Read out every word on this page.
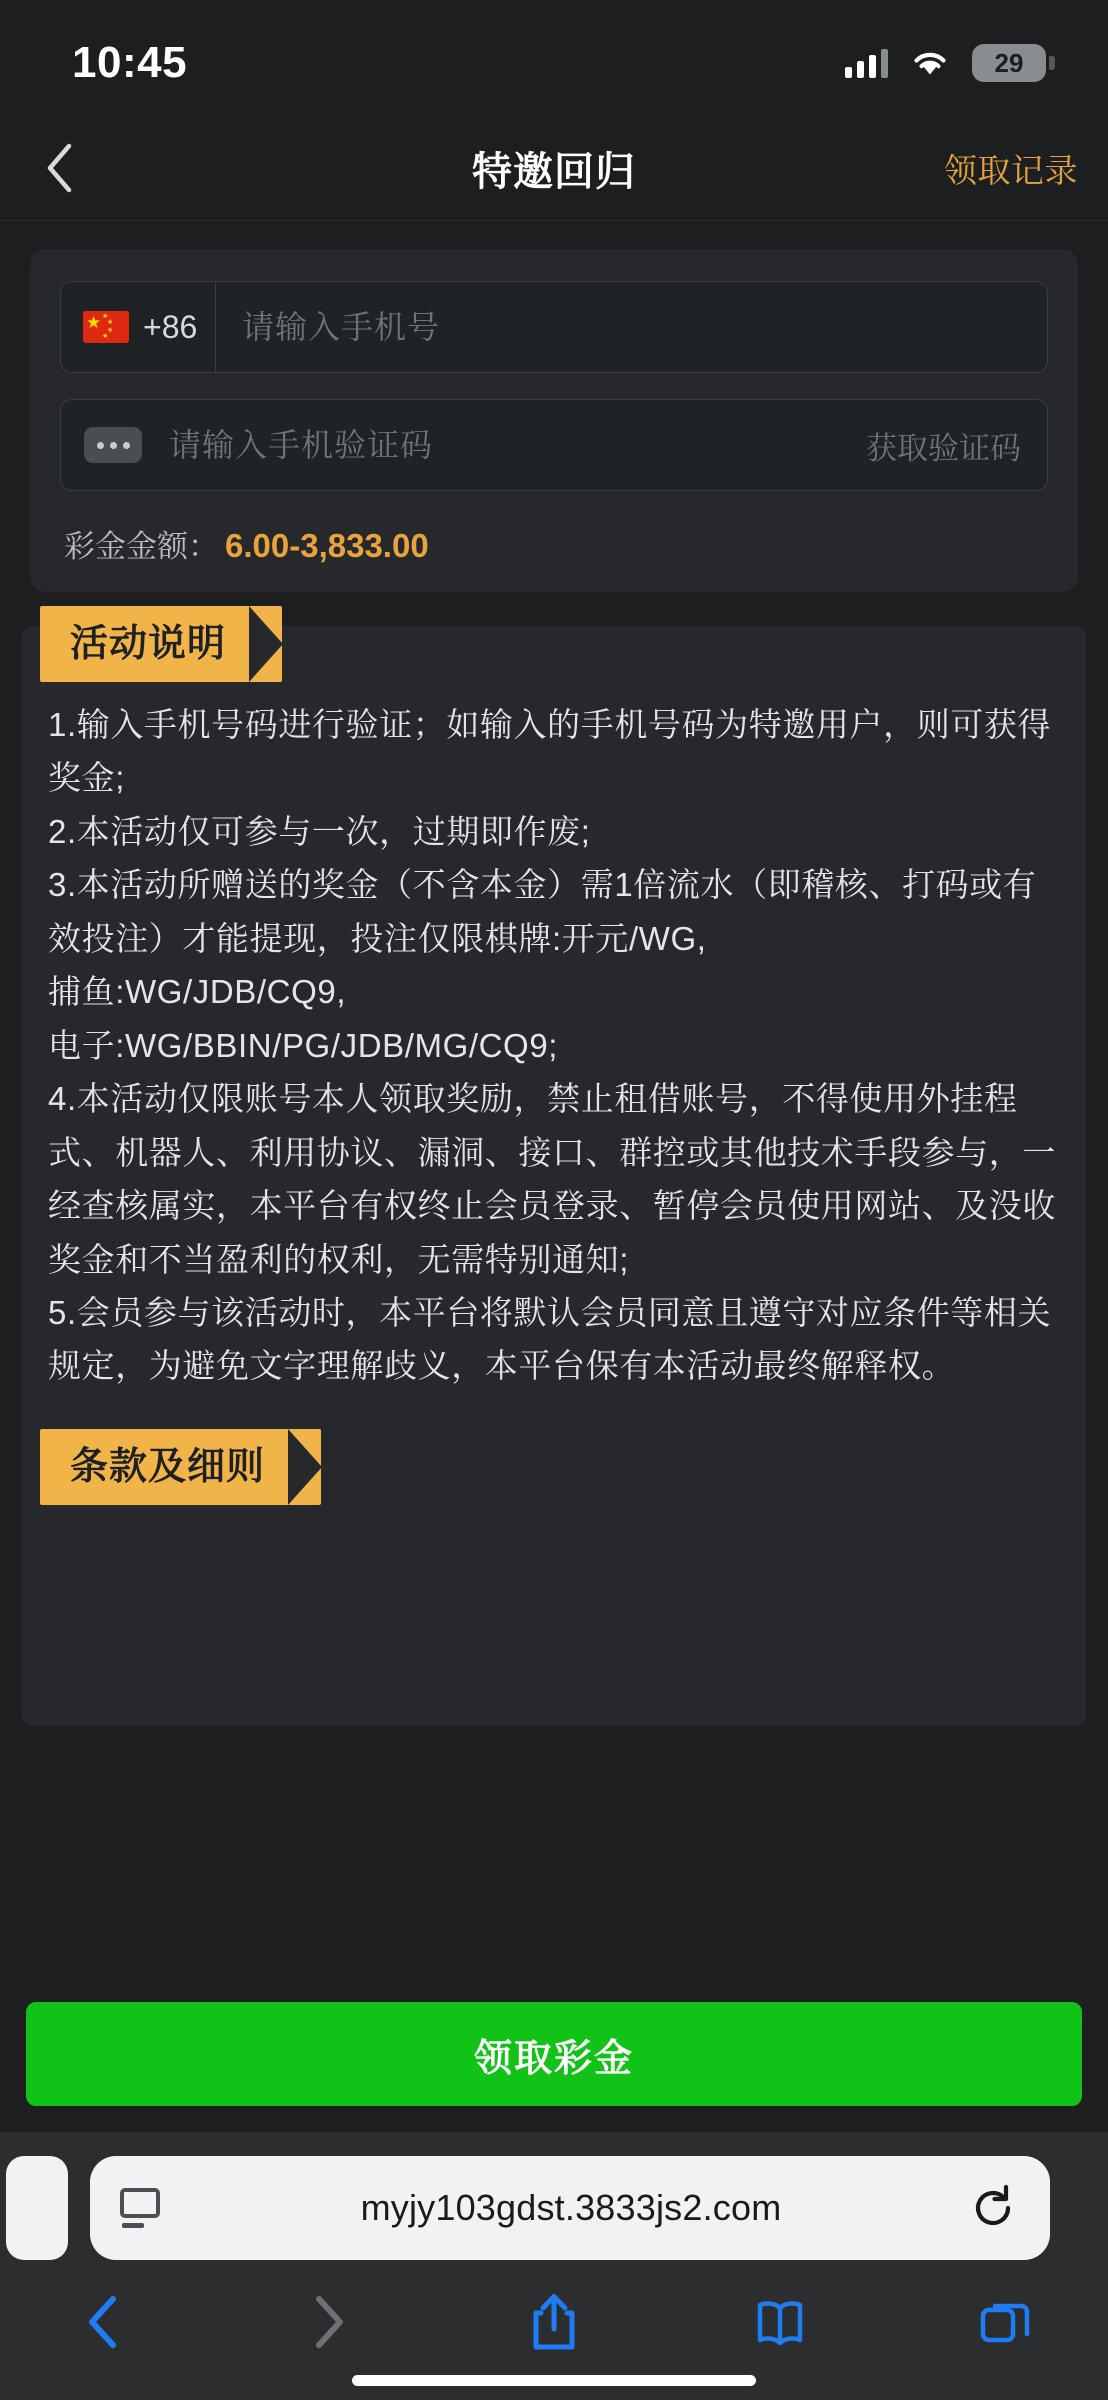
10:45	29
特邀回归	领取记录
★ ★
★
★
★ +86
请输入手机号
请输入手机验证码
获取验证码
彩金金额： 6.00-3,833.00
活动说明

1.输入手机号码进行验证；如输入的手机号码为特邀用户，则可获得奖金;

2.本活动仅可参与一次，过期即作废;

3.本活动所赠送的奖金（不含本金）需1倍流水（即稽核、打码或有效投注）才能提现，投注仅限棋牌:开元/WG,

捕鱼:WG/JDB/CQ9,

电子:WG/BBIN/PG/JDB/MG/CQ9;

4.本活动仅限账号本人领取奖励，禁止租借账号，不得使用外挂程式、机器人、利用协议、漏洞、接口、群控或其他技术手段参与，一经查核属实，本平台有权终止会员登录、暂停会员使用网站、及没收奖金和不当盈利的权利，无需特别通知;

5.会员参与该活动时，本平台将默认会员同意且遵守对应条件等相关规定，为避免文字理解歧义，本平台保有本活动最终解释权。

条款及细则
领取彩金
myjy103gdst.3833js2.com
